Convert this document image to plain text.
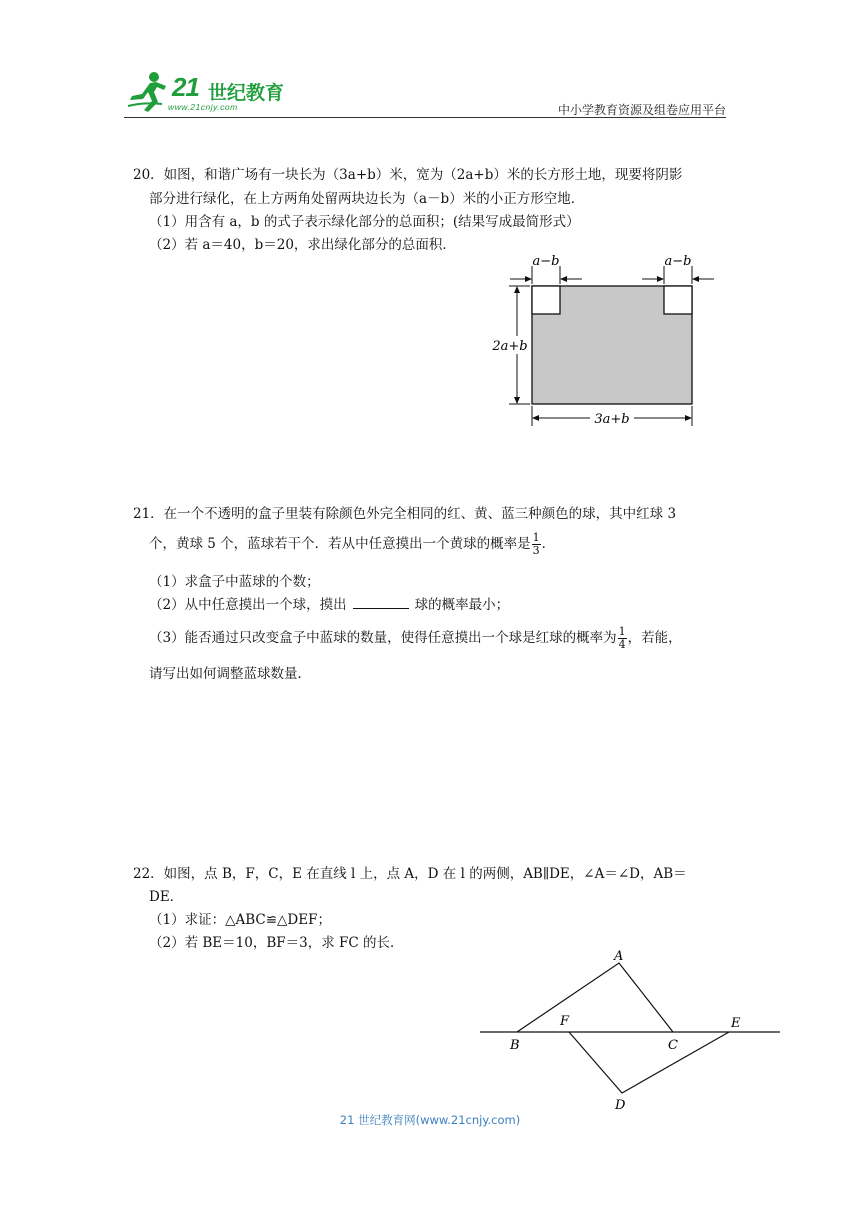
21 世纪教育
www.21cnjy.com	中小学教育资源及组卷应用平台
20．如图，和谐广场有一块长为（3a+b）米，宽为（2a+b）米的长方形土地，现要将阴影
部分进行绿化，在上方两角处留两块边长为（a－b）米的小正方形空地．
（1）用含有 a，b 的式子表示绿化部分的总面积；(结果写成最简形式）
（2）若 a＝40，b＝20，求出绿化部分的总面积．
a−b	a−b
2a+b
3a+b
21．在一个不透明的盒子里装有除颜色外完全相同的红、黄、蓝三种颜色的球，其中红球 3
个，黄球 5 个，蓝球若干个．若从中任意摸出一个黄球的概率是 $\frac{1}{3}$ ．
（1）求盒子中蓝球的个数；
（2）从中任意摸出一个球，摸出	球的概率最小；
（3）能否通过只改变盒子中蓝球的数量，使得任意摸出一个球是红球的概率为 $\frac{1}{4}$ ，若能，
请写出如何调整蓝球数量．
22．如图，点 B，F，C，E 在直线 l 上，点 A，D 在 l 的两侧，AB∥DE，∠A＝∠D，AB＝
DE．
（1）求证：△ABC≌△DEF；
（2）若 BE＝10，BF＝3，求 FC 的长．
A
B
F
C
E
D
21 世纪教育网(www.21cnjy.com)
